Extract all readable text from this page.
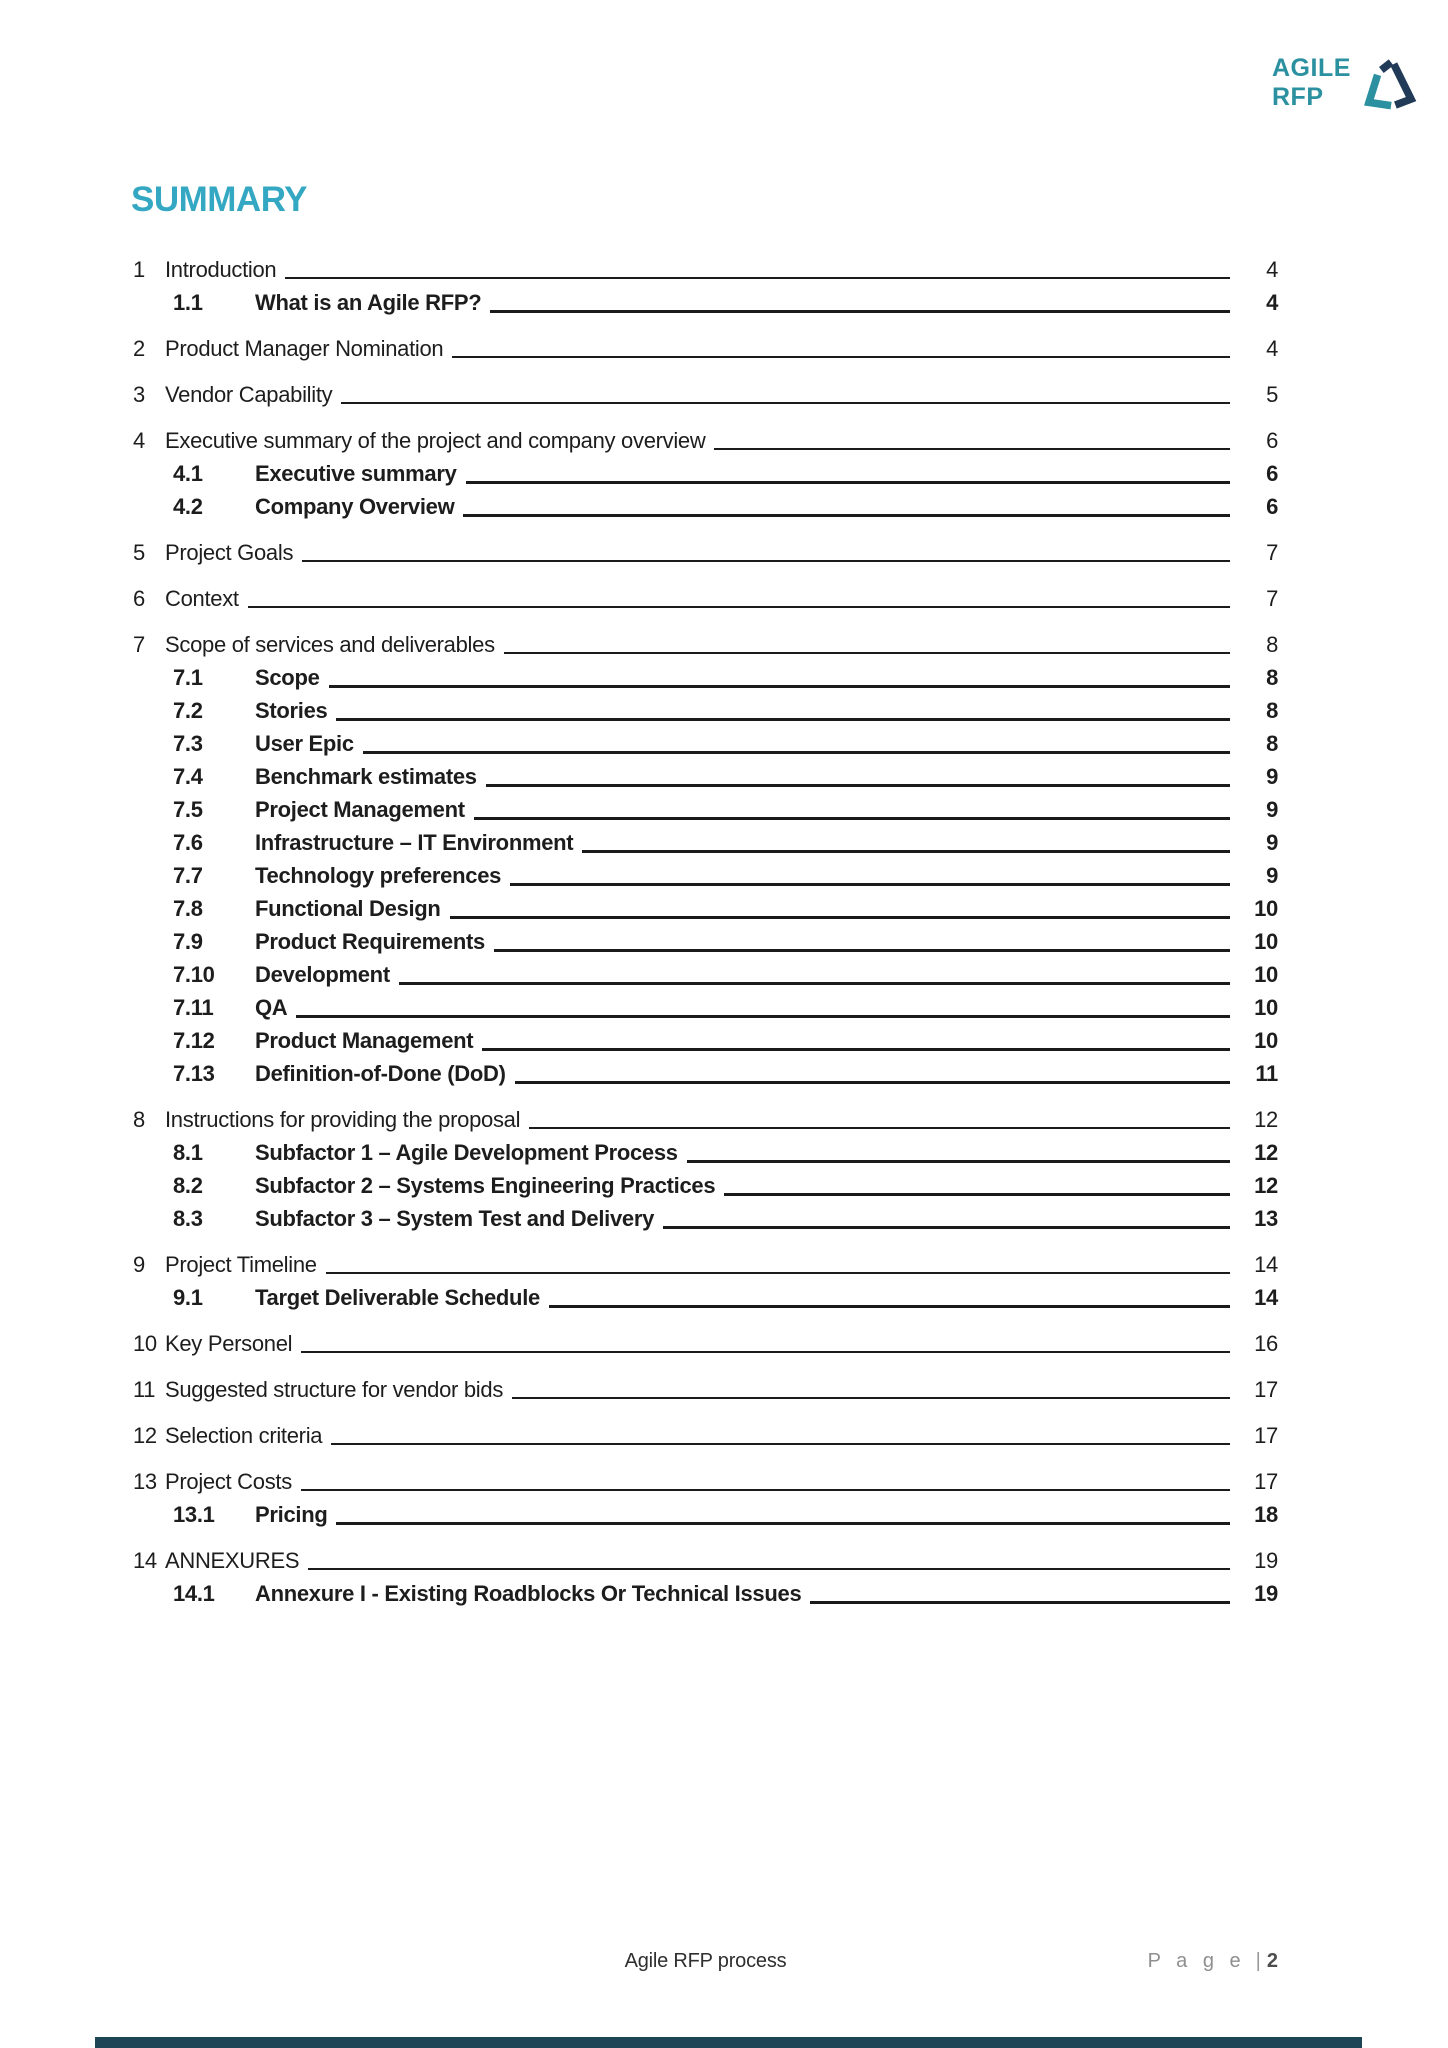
AGILE
RFP
SUMMARY
1 Introduction	4
1.1	What is an Agile RFP?	4
2 Product Manager Nomination	4
3 Vendor Capability	5
4 Executive summary of the project and company overview	6
4.1	Executive summary	6
4.2	Company Overview	6
5 Project Goals	7
6 Context	7
7 Scope of services and deliverables	8
7.1	Scope	8
7.2	Stories	8
7.3	User Epic	8
7.4	Benchmark estimates	9
7.5	Project Management	9
7.6	Infrastructure – IT Environment	9
7.7	Technology preferences	9
7.8	Functional Design	10
7.9	Product Requirements	10
7.10	Development	10
7.11	QA	10
7.12	Product Management	10
7.13	Definition-of-Done (DoD)	11
8 Instructions for providing the proposal	12
8.1	Subfactor 1 – Agile Development Process	12
8.2	Subfactor 2 – Systems Engineering Practices	12
8.3	Subfactor 3 – System Test and Delivery	13
9 Project Timeline	14
9.1	Target Deliverable Schedule	14
10 Key Personel	16
11 Suggested structure for vendor bids	17
12 Selection criteria	17
13 Project Costs	17
13.1	Pricing	18
14 ANNEXURES	19
14.1	Annexure I - Existing Roadblocks Or Technical Issues	19
Agile RFP process	P a g e | 2
